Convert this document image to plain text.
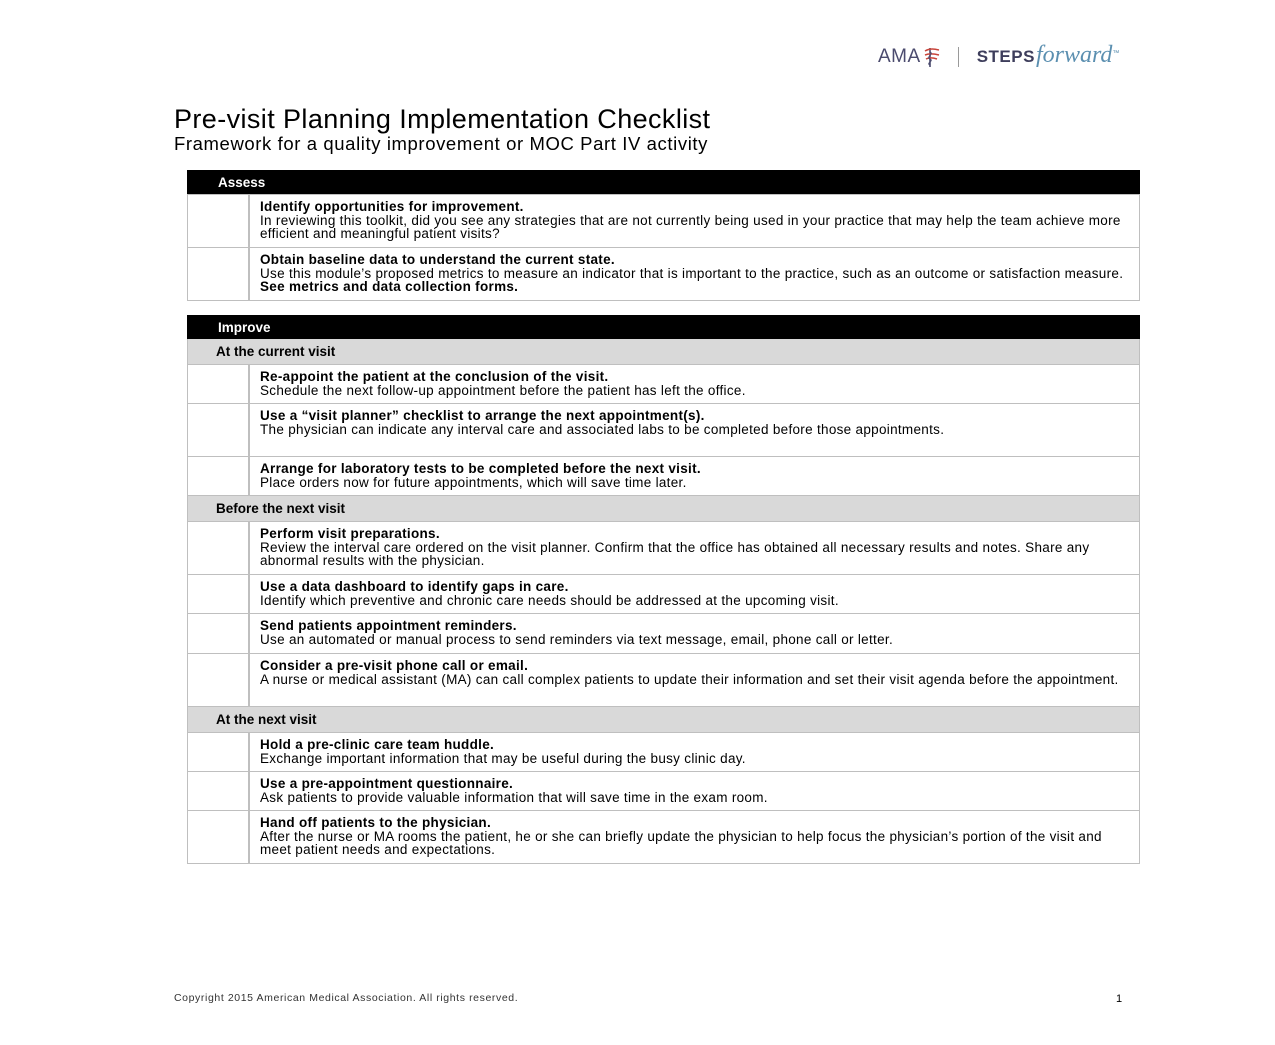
AMA	STEPS forward ™
Pre-visit Planning Implementation Checklist
Framework for a quality improvement or MOC Part IV activity
Assess
Identify opportunities for improvement.
In reviewing this toolkit, did you see any strategies that are not currently being used in your practice that may help the team achieve more efficient and meaningful patient visits?
Obtain baseline data to understand the current state.
Use this module’s proposed metrics to measure an indicator that is important to the practice, such as an outcome or satisfaction measure. See metrics and data collection forms.
Improve
At the current visit
Re-appoint the patient at the conclusion of the visit.
Schedule the next follow-up appointment before the patient has left the office.
Use a “visit planner” checklist to arrange the next appointment(s).
The physician can indicate any interval care and associated labs to be completed before those appointments.
Arrange for laboratory tests to be completed before the next visit.
Place orders now for future appointments, which will save time later.
Before the next visit
Perform visit preparations.
Review the interval care ordered on the visit planner. Confirm that the office has obtained all necessary results and notes. Share any abnormal results with the physician.
Use a data dashboard to identify gaps in care.
Identify which preventive and chronic care needs should be addressed at the upcoming visit.
Send patients appointment reminders.
Use an automated or manual process to send reminders via text message, email, phone call or letter.
Consider a pre-visit phone call or email.
A nurse or medical assistant (MA) can call complex patients to update their information and set their visit agenda before the appointment.
At the next visit
Hold a pre-clinic care team huddle.
Exchange important information that may be useful during the busy clinic day.
Use a pre-appointment questionnaire.
Ask patients to provide valuable information that will save time in the exam room.
Hand off patients to the physician.
After the nurse or MA rooms the patient, he or she can briefly update the physician to help focus the physician’s portion of the visit and meet patient needs and expectations.
Copyright 2015 American Medical Association. All rights reserved.	1
